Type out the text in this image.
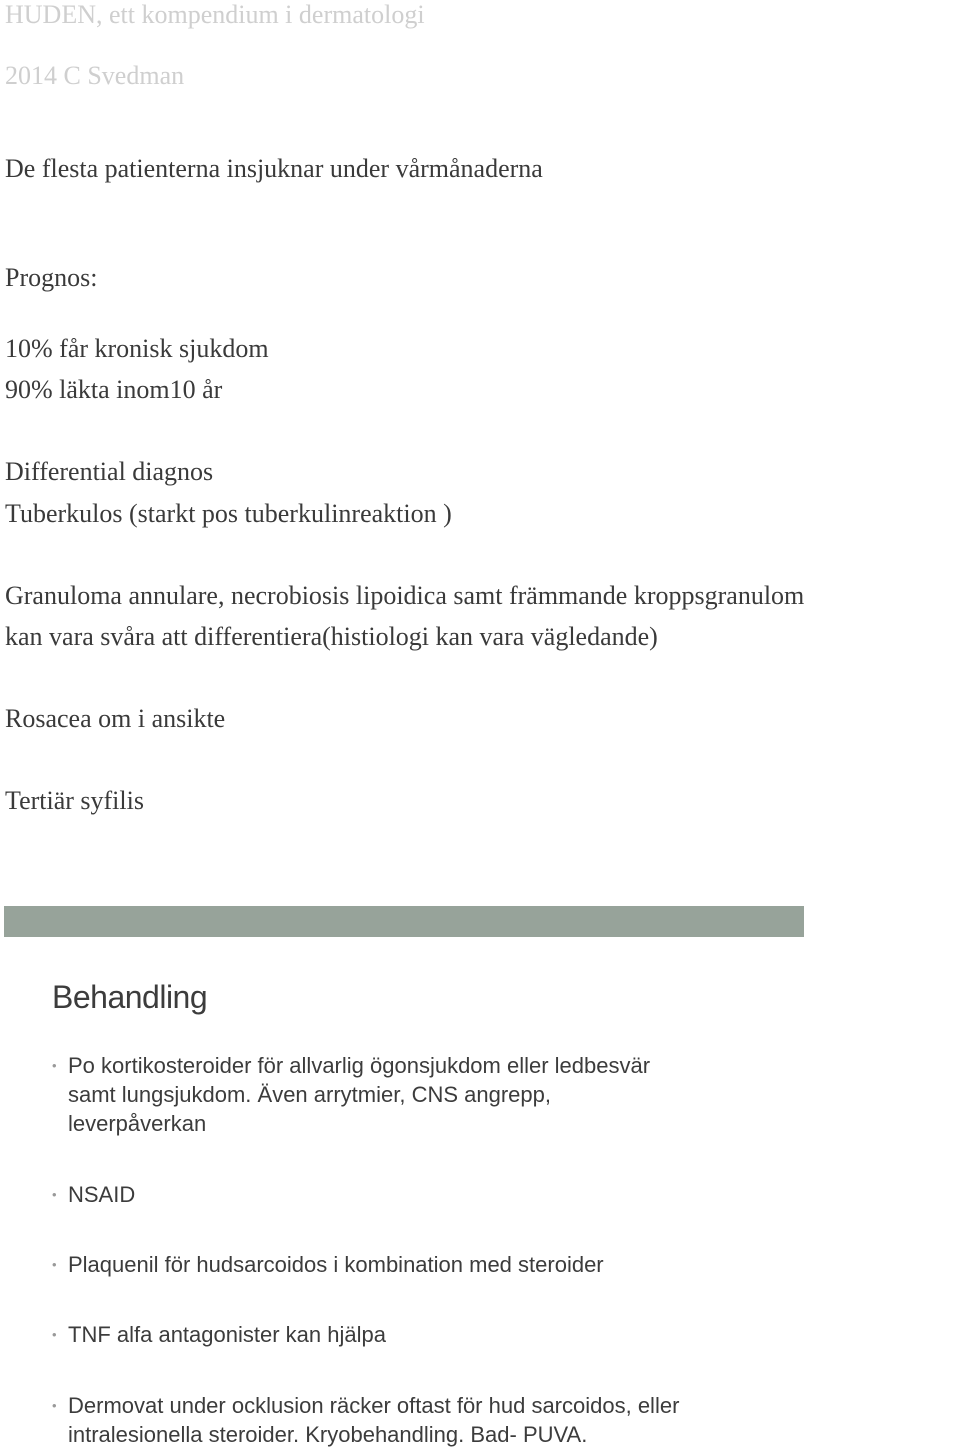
HUDEN, ett kompendium i dermatologi
2014 C Svedman
De flesta patienterna insjuknar under vårmånaderna
Prognos:
10% får kronisk sjukdom
90% läkta inom10 år
Differential diagnos
Tuberkulos (starkt pos tuberkulinreaktion )
Granuloma annulare, necrobiosis lipoidica samt främmande kroppsgranulom
kan vara svåra att differentiera(histiologi kan vara vägledande)
Rosacea om i ansikte
Tertiär syfilis
Behandling
• Po kortikosteroider för allvarlig ögonsjukdom eller ledbesvär
samt lungsjukdom. Även arrytmier, CNS angrepp,
leverpåverkan
• NSAID
• Plaquenil för hudsarcoidos i kombination med steroider
• TNF alfa antagonister kan hjälpa
• Dermovat under ocklusion räcker oftast för hud sarcoidos, eller
intralesionella steroider. Kryobehandling. Bad- PUVA.
